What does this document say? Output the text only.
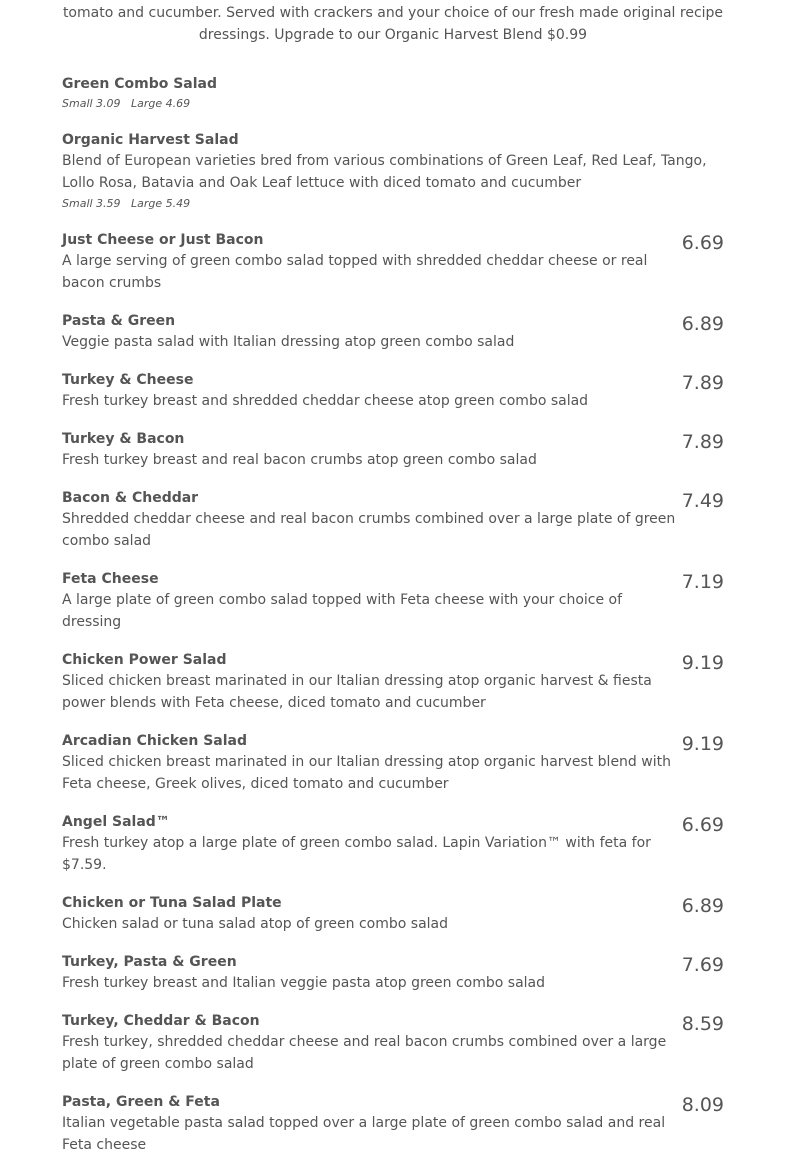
tomato and cucumber. Served with crackers and your choice of our fresh made original recipe dressings. Upgrade to our Organic Harvest Blend $0.99

Green Combo Salad

Small 3.09   Large 4.69

Organic Harvest Salad

Blend of European varieties bred from various combinations of Green Leaf, Red Leaf, Tango, Lollo Rosa, Batavia and Oak Leaf lettuce with diced tomato and cucumber

Small 3.59   Large 5.49

Just Cheese or Just Bacon

A large serving of green combo salad topped with shredded cheddar cheese or real bacon crumbs

6.69

Pasta & Green

Veggie pasta salad with Italian dressing atop green combo salad

6.89

Turkey & Cheese

Fresh turkey breast and shredded cheddar cheese atop green combo salad

7.89

Turkey & Bacon

Fresh turkey breast and real bacon crumbs atop green combo salad

7.89

Bacon & Cheddar

Shredded cheddar cheese and real bacon crumbs combined over a large plate of green combo salad

7.49

Feta Cheese

A large plate of green combo salad topped with Feta cheese with your choice of dressing

7.19

Chicken Power Salad

Sliced chicken breast marinated in our Italian dressing atop organic harvest & fiesta power blends with Feta cheese, diced tomato and cucumber

9.19

Arcadian Chicken Salad

Sliced chicken breast marinated in our Italian dressing atop organic harvest blend with Feta cheese, Greek olives, diced tomato and cucumber

9.19

Angel Salad™

Fresh turkey atop a large plate of green combo salad. Lapin Variation™ with feta for $7.59.

6.69

Chicken or Tuna Salad Plate

Chicken salad or tuna salad atop of green combo salad

6.89

Turkey, Pasta & Green

Fresh turkey breast and Italian veggie pasta atop green combo salad

7.69

Turkey, Cheddar & Bacon

Fresh turkey, shredded cheddar cheese and real bacon crumbs combined over a large plate of green combo salad

8.59

Pasta, Green & Feta

Italian vegetable pasta salad topped over a large plate of green combo salad and real Feta cheese

8.09
